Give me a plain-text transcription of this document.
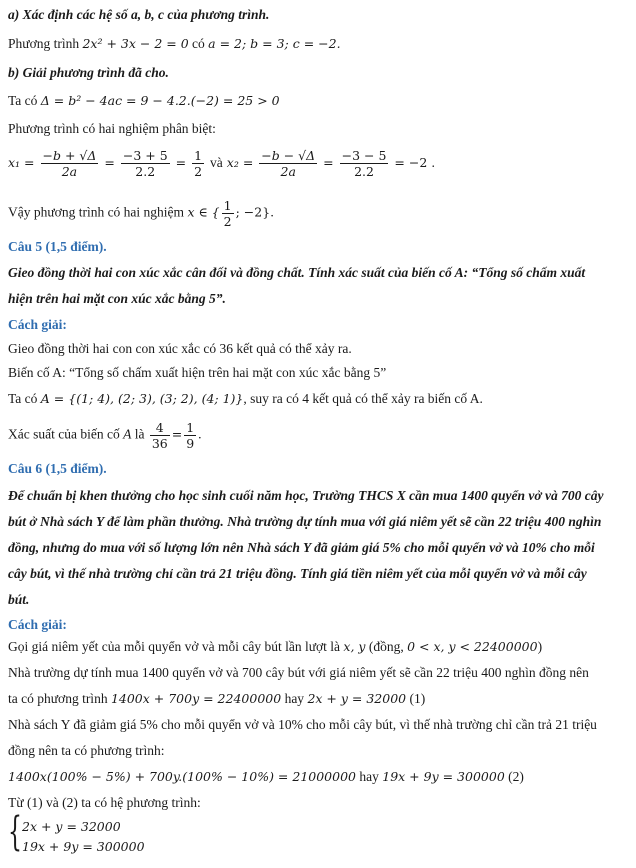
a) Xác định các hệ số a, b, c của phương trình.
Phương trình 2x² + 3x − 2 = 0 có a = 2; b = 3; c = −2.
b) Giải phương trình đã cho.
Ta có Δ = b² − 4ac = 9 − 4.2.(−2) = 25 > 0
Phương trình có hai nghiệm phân biệt:
$x_1 = \frac{-b + √\Delta}{2a} = \frac{-3 + 5}{2.2} = \frac{1}{2}$ và $x_2 = \frac{-b - √\Delta}{2a} = \frac{-3 - 5}{2.2} = -2$ .
Vậy phương trình có hai nghiệm x ∈ { $\frac{1}{2}$ ; −2}.
Câu 5 (1,5 điểm).
Gieo đồng thời hai con xúc xắc cân đối và đồng chất. Tính xác suất của biến cố A: “Tổng số chấm xuất
hiện trên hai mặt con xúc xắc bằng 5”.
Cách giải:
Gieo đồng thời hai con con xúc xắc có 36 kết quả có thể xảy ra.
Biến cố A: “Tổng số chấm xuất hiện trên hai mặt con xúc xắc bằng 5”
Ta có A = {(1; 4), (2; 3), (3; 2), (4; 1)}, suy ra có 4 kết quả có thể xảy ra biến cố A.
Xác suất của biến cố A là $\frac{4}{36} = \frac{1}{9}$ .
Câu 6 (1,5 điểm).
Để chuẩn bị khen thưởng cho học sinh cuối năm học, Trường THCS X cần mua 1400 quyển vở và 700 cây
bút ở Nhà sách Y để làm phần thưởng. Nhà trường dự tính mua với giá niêm yết sẽ cần 22 triệu 400 nghìn
đồng, nhưng do mua với số lượng lớn nên Nhà sách Y đã giảm giá 5% cho mỗi quyển vở và 10% cho mỗi
cây bút, vì thế nhà trường chỉ cần trả 21 triệu đồng. Tính giá tiền niêm yết của mỗi quyển vở và mỗi cây
bút.
Cách giải:
Gọi giá niêm yết của mỗi quyển vở và mỗi cây bút lần lượt là x, y (đồng, 0 < x, y < 22400000)
Nhà trường dự tính mua 1400 quyển vở và 700 cây bút với giá niêm yết sẽ cần 22 triệu 400 nghìn đồng nên
ta có phương trình 1400x + 700y = 22400000 hay 2x + y = 32000 (1)
Nhà sách Y đã giảm giá 5% cho mỗi quyển vở và 10% cho mỗi cây bút, vì thế nhà trường chỉ cần trả 21 triệu
đồng nên ta có phương trình:
1400x(100% − 5%) + 700y.(100% − 10%) = 21000000 hay 19x + 9y = 300000 (2)
Từ (1) và (2) ta có hệ phương trình:
{ 2x + y = 32000
19x + 9y = 300000
